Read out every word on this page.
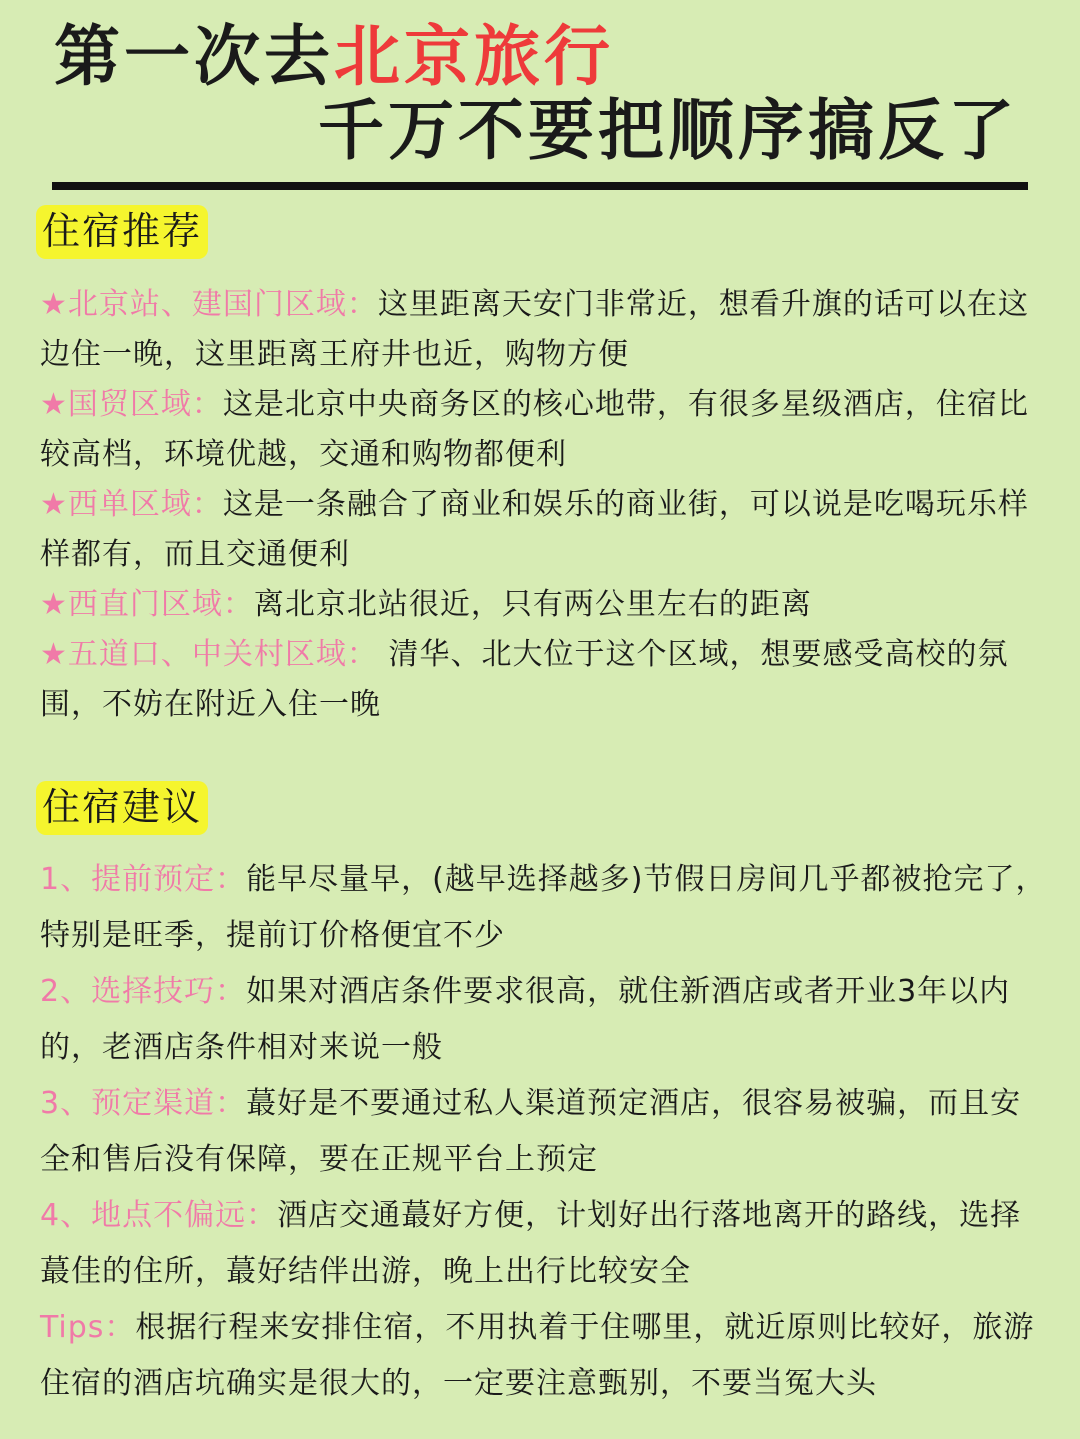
第一次去北京旅行
千万不要把顺序搞反了
住宿推荐

★北京站、建国门区域：这里距离天安门非常近，想看升旗的话可以在这边住一晚，这里距离王府井也近，购物方便

★国贸区域：这是北京中央商务区的核心地带，有很多星级酒店，住宿比较高档，环境优越，交通和购物都便利

★西单区域：这是一条融合了商业和娱乐的商业街，可以说是吃喝玩乐样样都有，而且交通便利

★西直门区域：离北京北站很近，只有两公里左右的距离

★五道口、中关村区域： 清华、北大位于这个区域，想要感受高校的氛围，不妨在附近入住一晚

住宿建议

1、提前预定：能早尽量早，(越早选择越多)节假日房间几乎都被抢完了，特别是旺季，提前订价格便宜不少

2、选择技巧：如果对酒店条件要求很高，就住新酒店或者开业3年以内的，老酒店条件相对来说一般

3、预定渠道：蕞好是不要通过私人渠道预定酒店，很容易被骗，而且安全和售后没有保障，要在正规平台上预定

4、地点不偏远：酒店交通蕞好方便，计划好出行落地离开的路线，选择蕞佳的住所，蕞好结伴出游，晚上出行比较安全

Tips：根据行程来安排住宿，不用执着于住哪里，就近原则比较好，旅游住宿的酒店坑确实是很大的，一定要注意甄别，不要当冤大头
